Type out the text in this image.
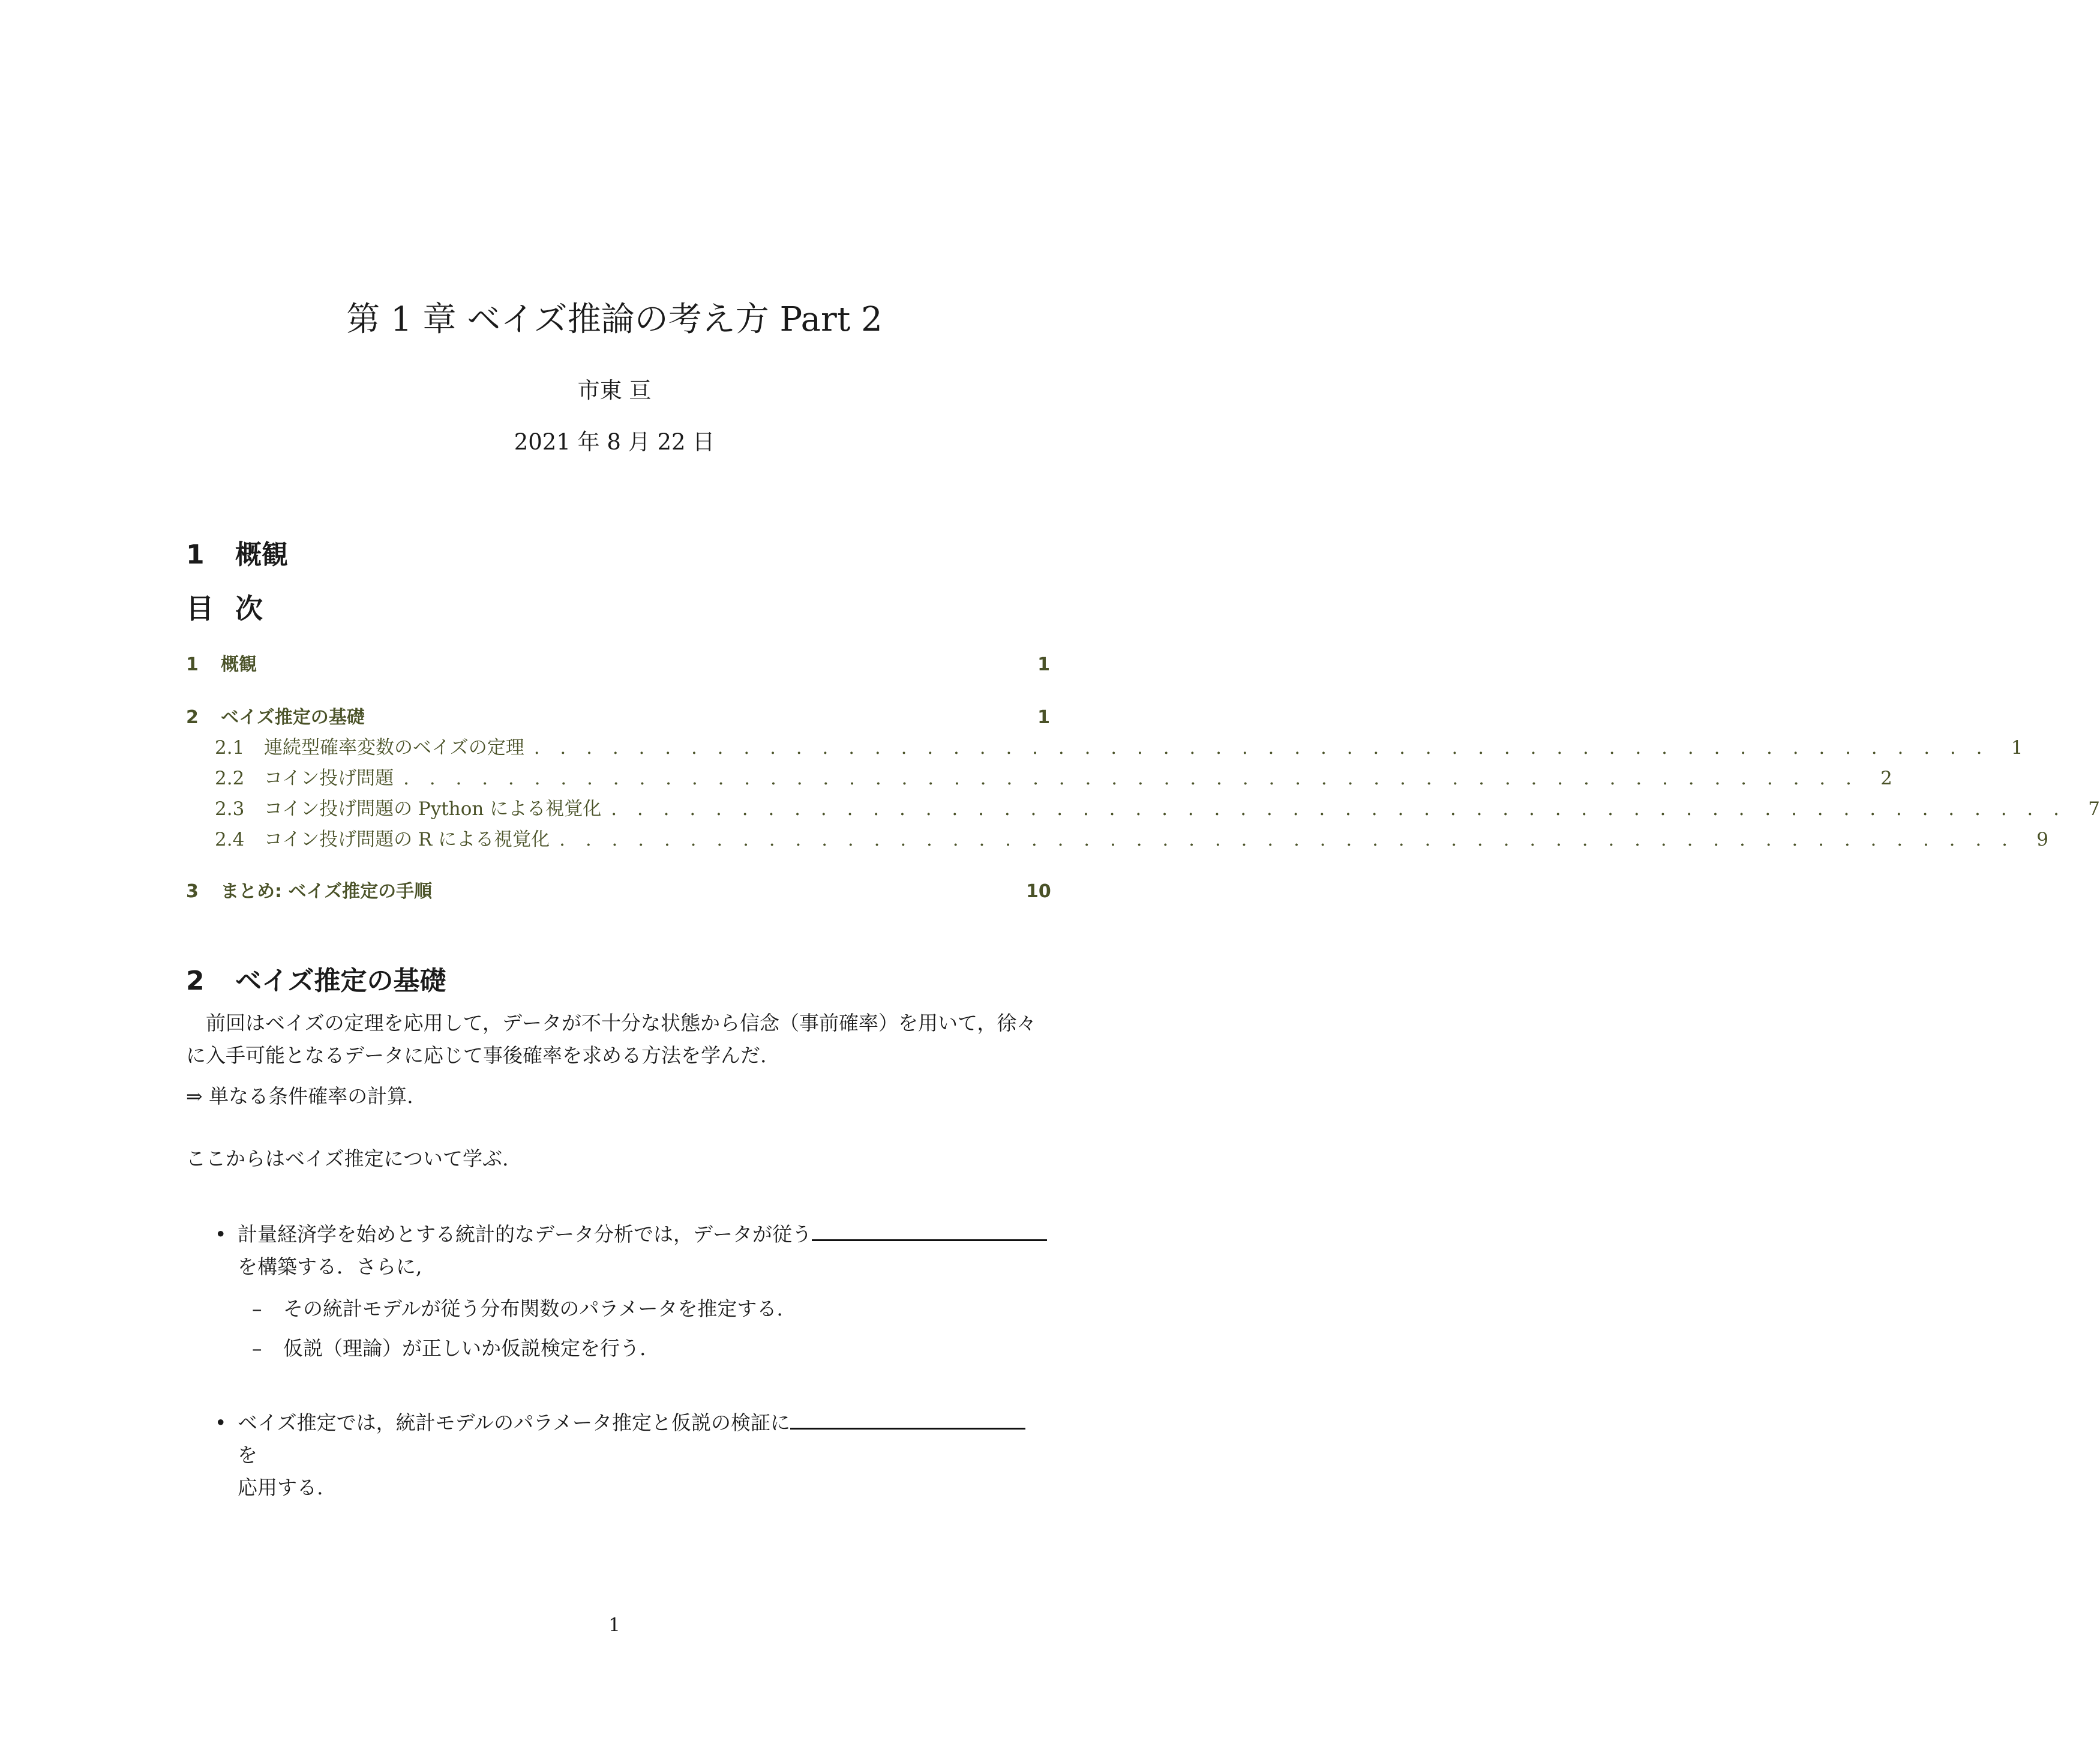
第 1 章 ベイズ推論の考え方 Part 2
市東 亘
2021 年 8 月 22 日
1 概観
目 次
1	概観	1
2	ベイズ推定の基礎	1
2.1	連続型確率変数のベイズの定理 . . . . . . . . . . . . . . . . . . . . . . . . . . . . . . . . . . . . . . . . . . . . . . . . . . . . . . . .	1
2.2	コイン投げ問題 . . . . . . . . . . . . . . . . . . . . . . . . . . . . . . . . . . . . . . . . . . . . . . . . . . . . . . . .	2
2.3	コイン投げ問題の Python による視覚化 . . . . . . . . . . . . . . . . . . . . . . . . . . . . . . . . . . . . . . . . . . . . . . . . . . . . . . . .	7
2.4	コイン投げ問題の R による視覚化 . . . . . . . . . . . . . . . . . . . . . . . . . . . . . . . . . . . . . . . . . . . . . . . . . . . . . . . .	9
3	まとめ: ベイズ推定の手順	10
2 ベイズ推定の基礎
前回はベイズの定理を応用して，データが不十分な状態から信念（事前確率）を用いて，徐々に入手可能となるデータに応じて事後確率を求める方法を学んだ.
⇒ 単なる条件確率の計算.
ここからはベイズ推定について学ぶ.
• 計量経済学を始めとする統計的なデータ分析では，データが従う
を構築する．さらに,
– その統計モデルが従う分布関数のパラメータを推定する.
– 仮説（理論）が正しいか仮説検定を行う.
• ベイズ推定では，統計モデルのパラメータ推定と仮説の検証に を
応用する.
1
